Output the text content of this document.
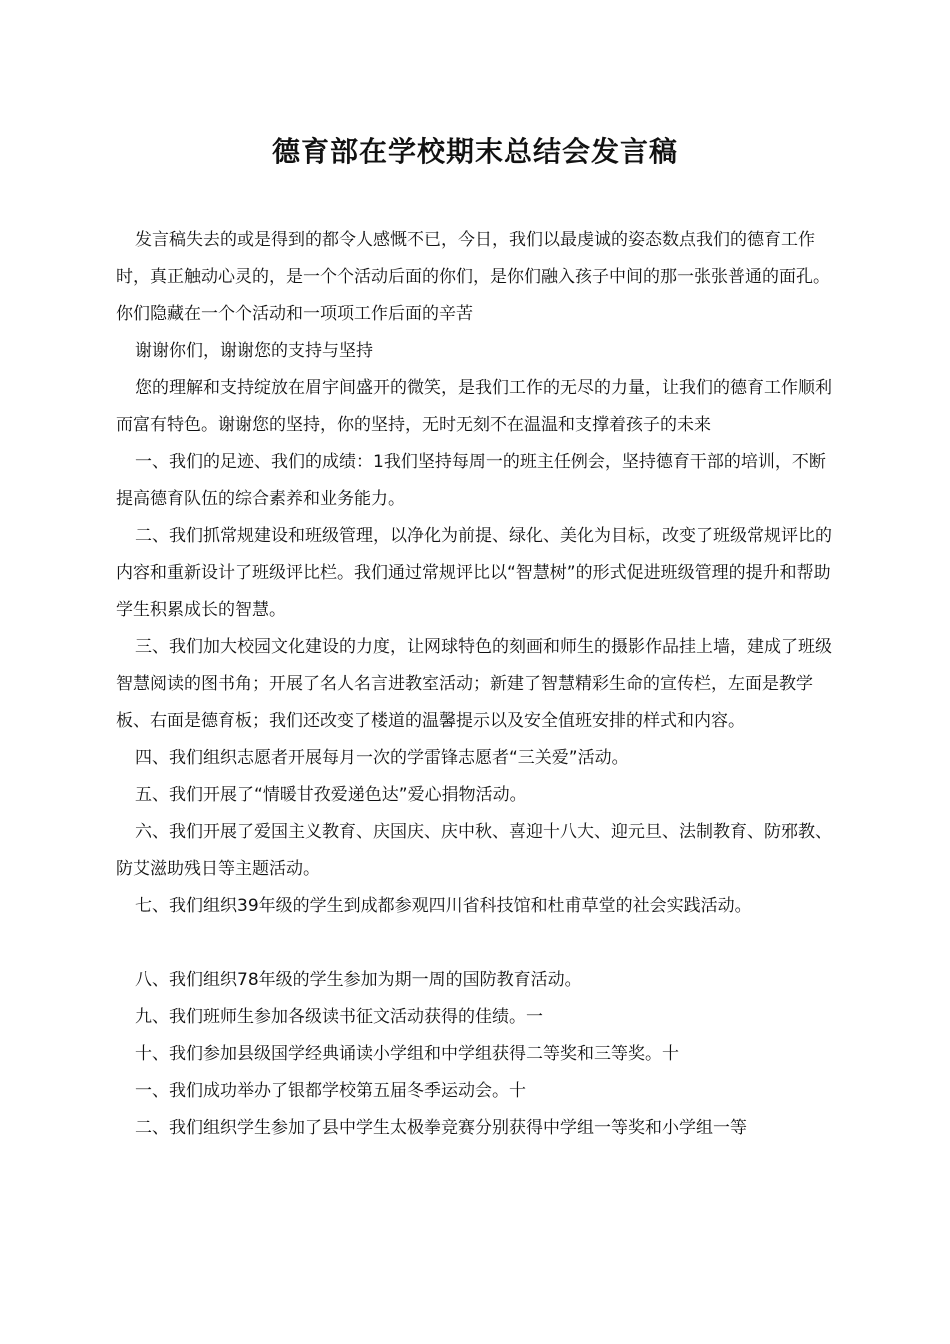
德育部在学校期末总结会发言稿

发言稿失去的或是得到的都令人感慨不已，今日，我们以最虔诚的姿态数点我们的德育工作时，真正触动心灵的，是一个个活动后面的你们，是你们融入孩子中间的那一张张普通的面孔。你们隐藏在一个个活动和一项项工作后面的辛苦

谢谢你们，谢谢您的支持与坚持

您的理解和支持绽放在眉宇间盛开的微笑，是我们工作的无尽的力量，让我们的德育工作顺利而富有特色。谢谢您的坚持，你的坚持，无时无刻不在温温和支撑着孩子的未来

一、我们的足迹、我们的成绩：1我们坚持每周一的班主任例会，坚持德育干部的培训，不断提高德育队伍的综合素养和业务能力。

二、我们抓常规建设和班级管理，以净化为前提、绿化、美化为目标，改变了班级常规评比的内容和重新设计了班级评比栏。我们通过常规评比以“智慧树”的形式促进班级管理的提升和帮助学生积累成长的智慧。

三、我们加大校园文化建设的力度，让网球特色的刻画和师生的摄影作品挂上墙，建成了班级智慧阅读的图书角；开展了名人名言进教室活动；新建了智慧精彩生命的宣传栏，左面是教学板、右面是德育板；我们还改变了楼道的温馨提示以及安全值班安排的样式和内容。

四、我们组织志愿者开展每月一次的学雷锋志愿者“三关爱”活动。

五、我们开展了“情暖甘孜爱递色达”爱心捐物活动。

六、我们开展了爱国主义教育、庆国庆、庆中秋、喜迎十八大、迎元旦、法制教育、防邪教、防艾滋助残日等主题活动。

七、我们组织39年级的学生到成都参观四川省科技馆和杜甫草堂的社会实践活动。

八、我们组织78年级的学生参加为期一周的国防教育活动。

九、我们班师生参加各级读书征文活动获得的佳绩。一

十、我们参加县级国学经典诵读小学组和中学组获得二等奖和三等奖。十

一、我们成功举办了银都学校第五届冬季运动会。十

二、我们组织学生参加了县中学生太极拳竞赛分别获得中学组一等奖和小学组一等
